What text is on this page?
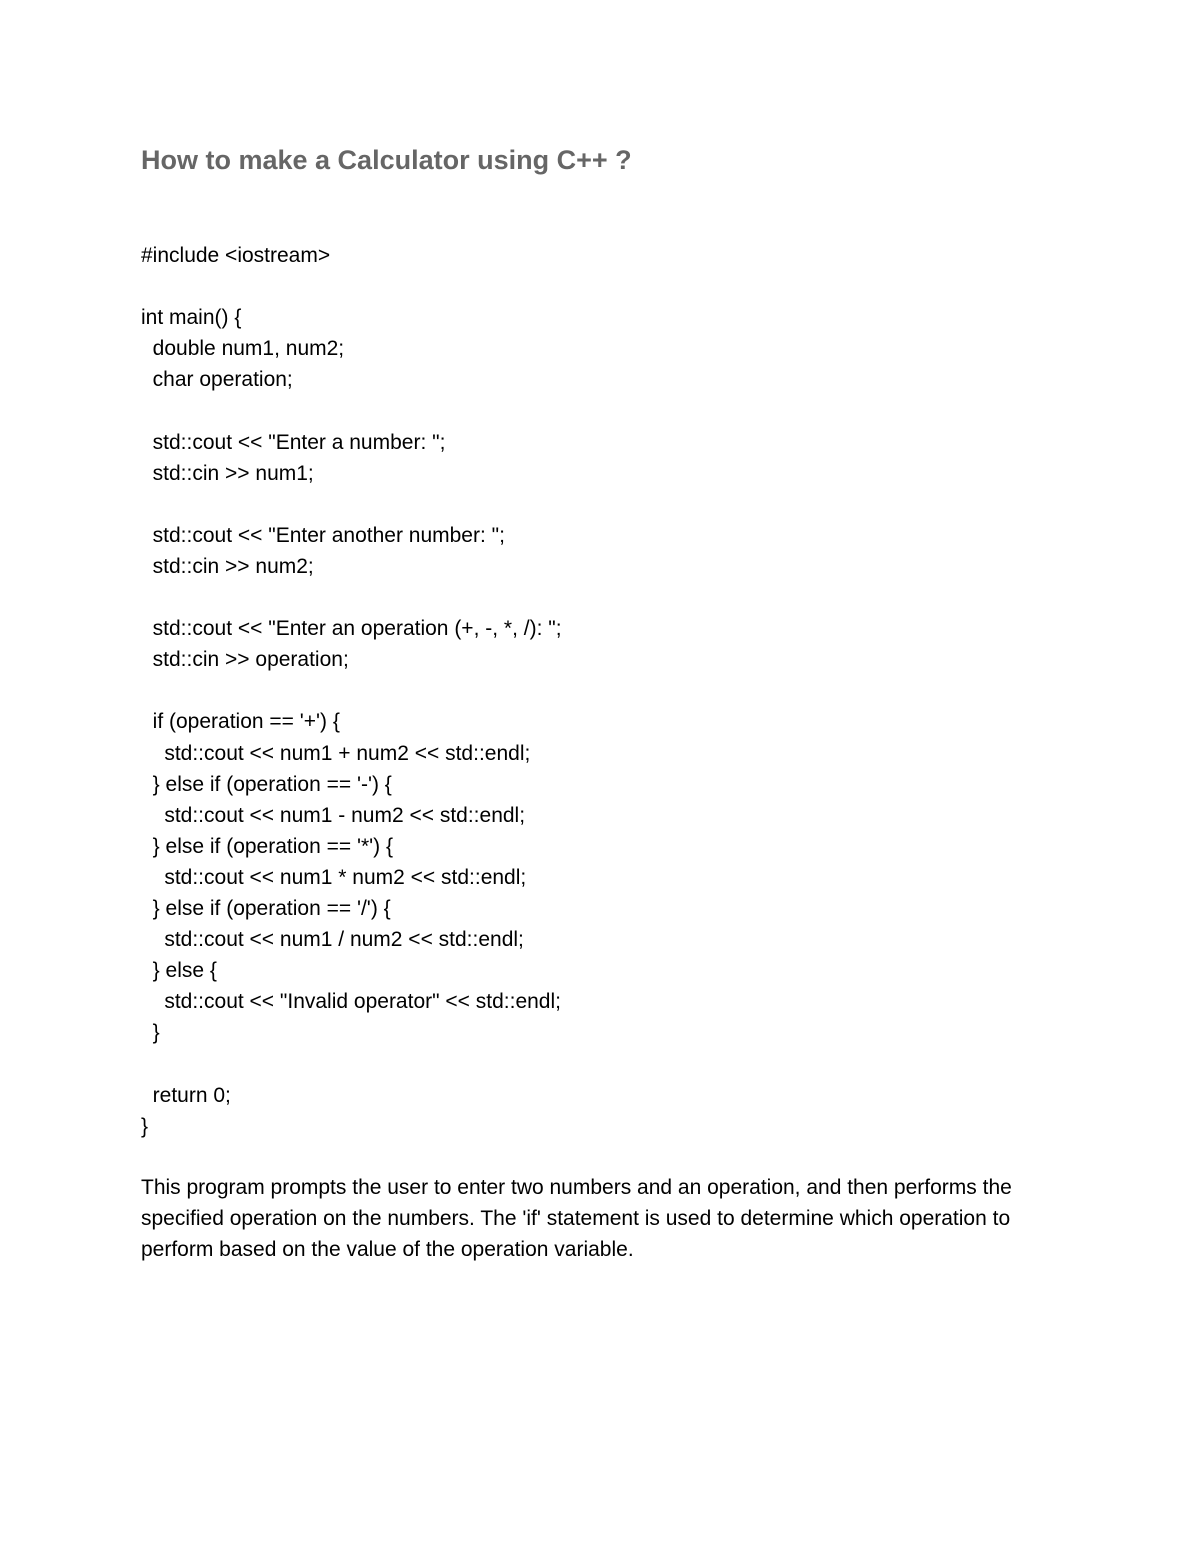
How to make a Calculator using C++ ?
#include <iostream>
int main() {
double num1, num2;
char operation;
std::cout << "Enter a number: ";
std::cin >> num1;
std::cout << "Enter another number: ";
std::cin >> num2;
std::cout << "Enter an operation (+, -, *, /): ";
std::cin >> operation;
if (operation == '+') {
std::cout << num1 + num2 << std::endl;
} else if (operation == '-') {
std::cout << num1 - num2 << std::endl;
} else if (operation == '*') {
std::cout << num1 * num2 << std::endl;
} else if (operation == '/') {
std::cout << num1 / num2 << std::endl;
} else {
std::cout << "Invalid operator" << std::endl;
}
return 0;
}

This program prompts the user to enter two numbers and an operation, and then performs the specified operation on the numbers. The 'if' statement is used to determine which operation to perform based on the value of the operation variable.
